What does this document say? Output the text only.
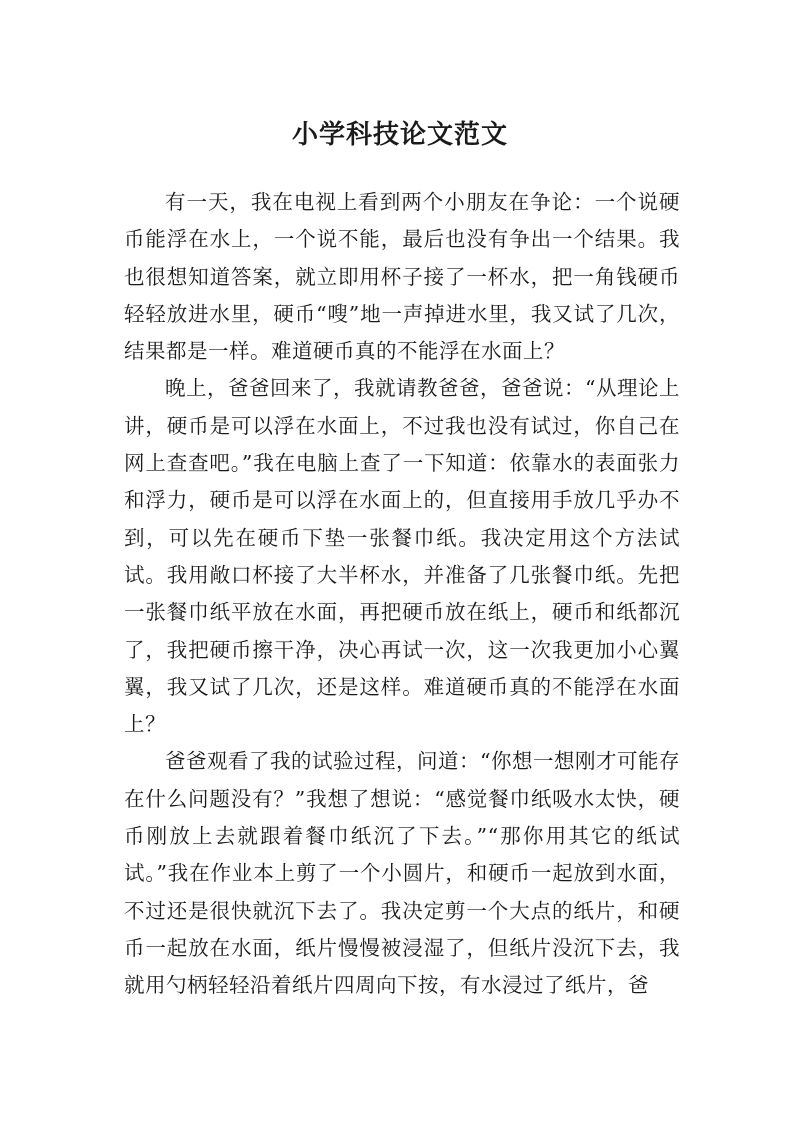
小学科技论文范文

有一天，我在电视上看到两个小朋友在争论：一个说硬币能浮在水上，一个说不能，最后也没有争出一个结果。我也很想知道答案，就立即用杯子接了一杯水，把一角钱硬币轻轻放进水里，硬币“嗖”地一声掉进水里，我又试了几次，结果都是一样。难道硬币真的不能浮在水面上？

晚上，爸爸回来了，我就请教爸爸，爸爸说：“从理论上讲，硬币是可以浮在水面上，不过我也没有试过，你自己在网上查查吧。”我在电脑上查了一下知道：依靠水的表面张力和浮力，硬币是可以浮在水面上的，但直接用手放几乎办不到，可以先在硬币下垫一张餐巾纸。我决定用这个方法试试。我用敞口杯接了大半杯水，并准备了几张餐巾纸。先把一张餐巾纸平放在水面，再把硬币放在纸上，硬币和纸都沉了，我把硬币擦干净，决心再试一次，这一次我更加小心翼翼，我又试了几次，还是这样。难道硬币真的不能浮在水面上？

爸爸观看了我的试验过程，问道：“你想一想刚才可能存在什么问题没有？”我想了想说：“感觉餐巾纸吸水太快，硬币刚放上去就跟着餐巾纸沉了下去。”“那你用其它的纸试试。”我在作业本上剪了一个小圆片，和硬币一起放到水面，不过还是很快就沉下去了。我决定剪一个大点的纸片，和硬币一起放在水面，纸片慢慢被浸湿了，但纸片没沉下去，我就用勺柄轻轻沿着纸片四周向下按，有水浸过了纸片，爸
